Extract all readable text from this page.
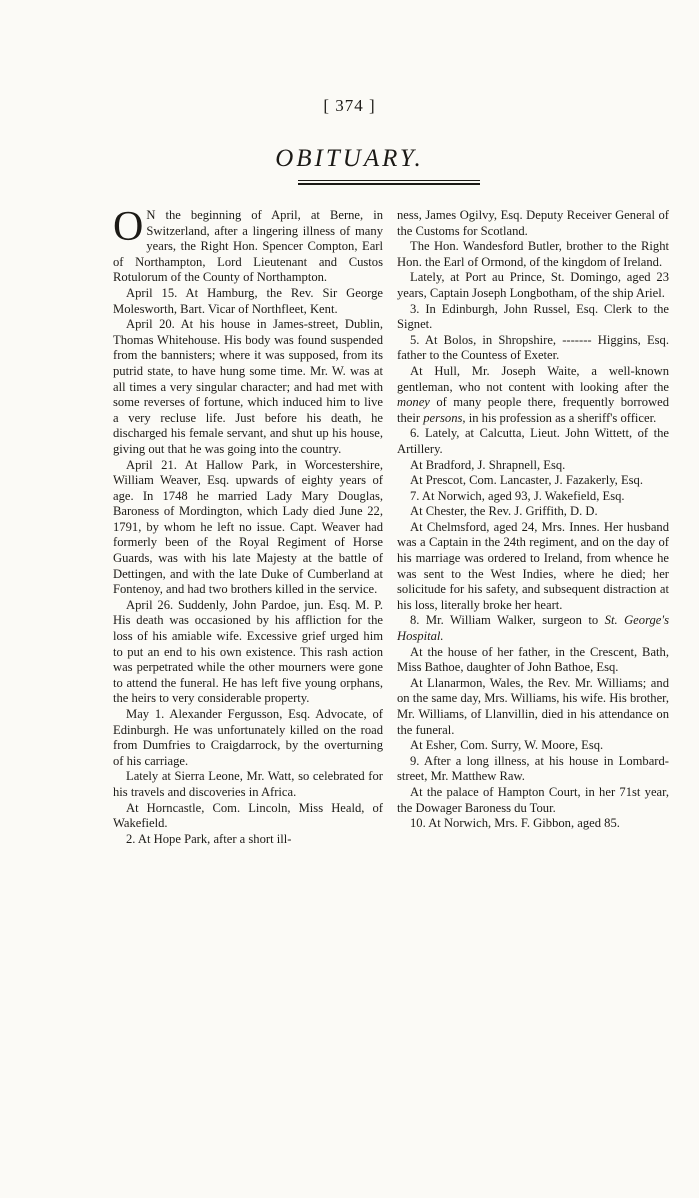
[ 374 ]
OBITUARY.

O N the beginning of April, at Berne, in Switzerland, after a lingering illness of many years, the Right Hon. Spencer Compton, Earl of Northampton, Lord Lieutenant and Custos Rotulorum of the County of Northampton.

April 15. At Hamburg, the Rev. Sir George Molesworth, Bart. Vicar of Northfleet, Kent.

April 20. At his house in James-street, Dublin, Thomas Whitehouse. His body was found suspended from the bannisters; where it was supposed, from its putrid state, to have hung some time. Mr. W. was at all times a very singular character; and had met with some reverses of fortune, which induced him to live a very recluse life. Just before his death, he discharged his female servant, and shut up his house, giving out that he was going into the country.

April 21. At Hallow Park, in Worcestershire, William Weaver, Esq. upwards of eighty years of age. In 1748 he married Lady Mary Douglas, Baroness of Mordington, which Lady died June 22, 1791, by whom he left no issue. Capt. Weaver had formerly been of the Royal Regiment of Horse Guards, was with his late Majesty at the battle of Dettingen, and with the late Duke of Cumberland at Fontenoy, and had two brothers killed in the service.

April 26. Suddenly, John Pardoe, jun. Esq. M. P. His death was occasioned by his affliction for the loss of his amiable wife. Excessive grief urged him to put an end to his own existence. This rash action was perpetrated while the other mourners were gone to attend the funeral. He has left five young orphans, the heirs to very considerable property.

May 1. Alexander Fergusson, Esq. Advocate, of Edinburgh. He was unfortunately killed on the road from Dumfries to Craigdarrock, by the overturning of his carriage.

Lately at Sierra Leone, Mr. Watt, so celebrated for his travels and discoveries in Africa.

At Horncastle, Com. Lincoln, Miss Heald, of Wakefield.

2. At Hope Park, after a short ill-

ness, James Ogilvy, Esq. Deputy Receiver General of the Customs for Scotland.

The Hon. Wandesford Butler, brother to the Right Hon. the Earl of Ormond, of the kingdom of Ireland.

Lately, at Port au Prince, St. Domingo, aged 23 years, Captain Joseph Longbotham, of the ship Ariel.

3. In Edinburgh, John Russel, Esq. Clerk to the Signet.

5. At Bolos, in Shropshire, ------- Higgins, Esq. father to the Countess of Exeter.

At Hull, Mr. Joseph Waite, a well-known gentleman, who not content with looking after the money of many people there, frequently borrowed their persons, in his profession as a sheriff's officer.

6. Lately, at Calcutta, Lieut. John Wittett, of the Artillery.

At Bradford, J. Shrapnell, Esq.

At Prescot, Com. Lancaster, J. Fazakerly, Esq.

7. At Norwich, aged 93, J. Wakefield, Esq.

At Chester, the Rev. J. Griffith, D. D.

At Chelmsford, aged 24, Mrs. Innes. Her husband was a Captain in the 24th regiment, and on the day of his marriage was ordered to Ireland, from whence he was sent to the West Indies, where he died; her solicitude for his safety, and subsequent distraction at his loss, literally broke her heart.

8. Mr. William Walker, surgeon to St. George's Hospital.

At the house of her father, in the Crescent, Bath, Miss Bathoe, daughter of John Bathoe, Esq.

At Llanarmon, Wales, the Rev. Mr. Williams; and on the same day, Mrs. Williams, his wife. His brother, Mr. Williams, of Llanvillin, died in his attendance on the funeral.

At Esher, Com. Surry, W. Moore, Esq.

9. After a long illness, at his house in Lombard-street, Mr. Matthew Raw.

At the palace of Hampton Court, in her 71st year, the Dowager Baroness du Tour.

10. At Norwich, Mrs. F. Gibbon, aged 85.
